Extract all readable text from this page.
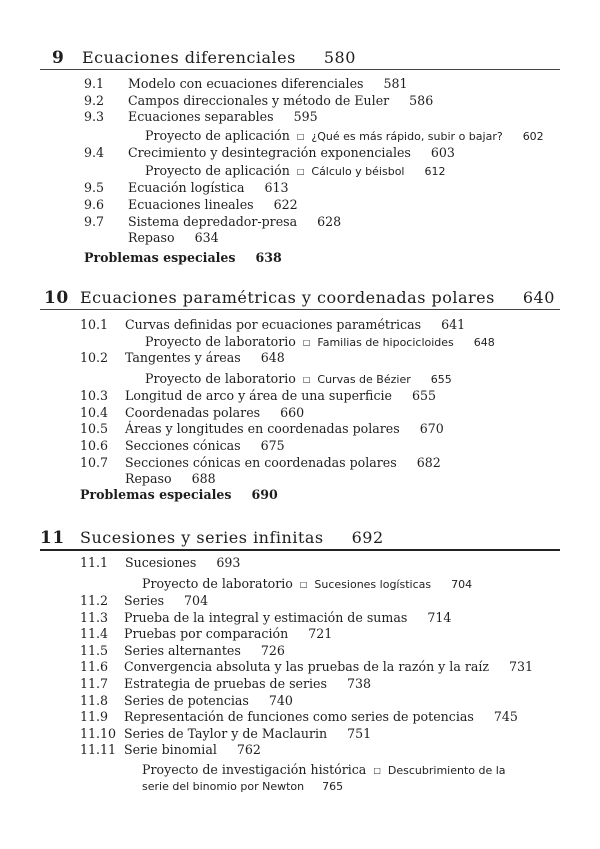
9 Ecuaciones diferenciales 580
9.1 Modelo con ecuaciones diferenciales 581
9.2 Campos direccionales y método de Euler 586
9.3 Ecuaciones separables 595
Proyecto de aplicación □ ¿Qué es más rápido, subir o bajar? 602
9.4 Crecimiento y desintegración exponenciales 603
Proyecto de aplicación □ Cálculo y béisbol 612
9.5 Ecuación logística 613
9.6 Ecuaciones lineales 622
9.7 Sistema depredador-presa 628
Repaso 634
Problemas especiales 638
10 Ecuaciones paramétricas y coordenadas polares 640
10.1 Curvas definidas por ecuaciones paramétricas 641
Proyecto de laboratorio □ Familias de hipocicloides 648
10.2 Tangentes y áreas 648
Proyecto de laboratorio □ Curvas de Bézier 655
10.3 Longitud de arco y área de una superficie 655
10.4 Coordenadas polares 660
10.5 Áreas y longitudes en coordenadas polares 670
10.6 Secciones cónicas 675
10.7 Secciones cónicas en coordenadas polares 682
Repaso 688
Problemas especiales 690
11 Sucesiones y series infinitas 692
11.1 Sucesiones 693
Proyecto de laboratorio □ Sucesiones logísticas 704
11.2 Series 704
11.3 Prueba de la integral y estimación de sumas 714
11.4 Pruebas por comparación 721
11.5 Series alternantes 726
11.6 Convergencia absoluta y las pruebas de la razón y la raíz 731
11.7 Estrategia de pruebas de series 738
11.8 Series de potencias 740
11.9 Representación de funciones como series de potencias 745
11.10 Series de Taylor y de Maclaurin 751
11.11 Serie binomial 762
Proyecto de investigación histórica □ Descubrimiento de la
serie del binomio por Newton 765
